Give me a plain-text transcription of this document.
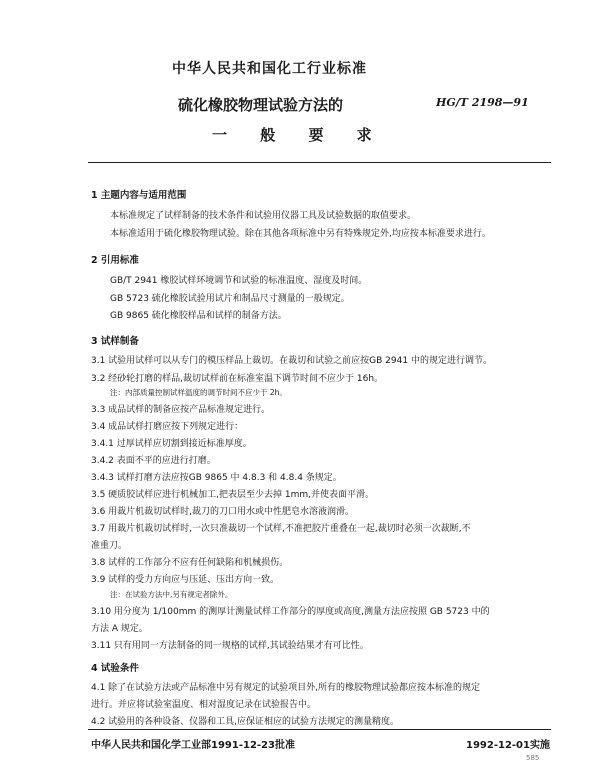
中华人民共和国化工行业标准
硫化橡胶物理试验方法的	HG/T 2198—91
一 般 要 求
1 主题内容与适用范围
本标准规定了试样制备的技术条件和试验用仪器工具及试验数据的取值要求。
本标准适用于硫化橡胶物理试验。除在其他各项标准中另有特殊规定外,均应按本标准要求进行。
2 引用标准
GB/T 2941 橡胶试样环境调节和试验的标准温度、湿度及时间。
GB 5723 硫化橡胶试验用试片和制品尺寸测量的一般规定。
GB 9865 硫化橡胶样品和试样的制备方法。
3 试样制备
3.1 试验用试样可以从专门的模压样品上裁切。在裁切和试验之前应按GB 2941 中的规定进行调节。
3.2 经砂轮打磨的样品,裁切试样前在标准室温下调节时间不应少于 16h。
注：内部质量控制试样温度的调节时间不应少于 2h。
3.3 成品试样的制备应按产品标准规定进行。
3.4 成品试样打磨应按下列规定进行：
3.4.1 过厚试样应切割到接近标准厚度。
3.4.2 表面不平的应进行打磨。
3.4.3 试样打磨方法应按GB 9865 中 4.8.3 和 4.8.4 条规定。
3.5 硬质胶试样应进行机械加工,把表层至少去掉 1mm,并使表面平滑。
3.6 用裁片机裁切试样时,裁刀的刀口用水或中性肥皂水溶液润滑。
3.7 用裁片机裁切试样时,一次只准裁切一个试样,不准把胶片重叠在一起,裁切时必须一次裁断,不
准重刀。
3.8 试样的工作部分不应有任何缺陷和机械损伤。
3.9 试样的受力方向应与压延、压出方向一致。
注：在试验方法中,另有规定者除外。
3.10 用分度为 1/100mm 的测厚计测量试样工作部分的厚度或高度,测量方法应按照 GB 5723 中的
方法 A 规定。
3.11 只有用同一方法制备的同一规格的试样,其试验结果才有可比性。
4 试验条件
4.1 除了在试验方法或产品标准中另有规定的试验项目外,所有的橡胶物理试验都应按本标准的规定
进行。并应将试验室温度、相对湿度记录在试验报告中。
4.2 试验用的各种设备、仪器和工具,应保证相应的试验方法规定的测量精度。
中华人民共和国化学工业部1991-12-23批准	1992-12-01实施
585
